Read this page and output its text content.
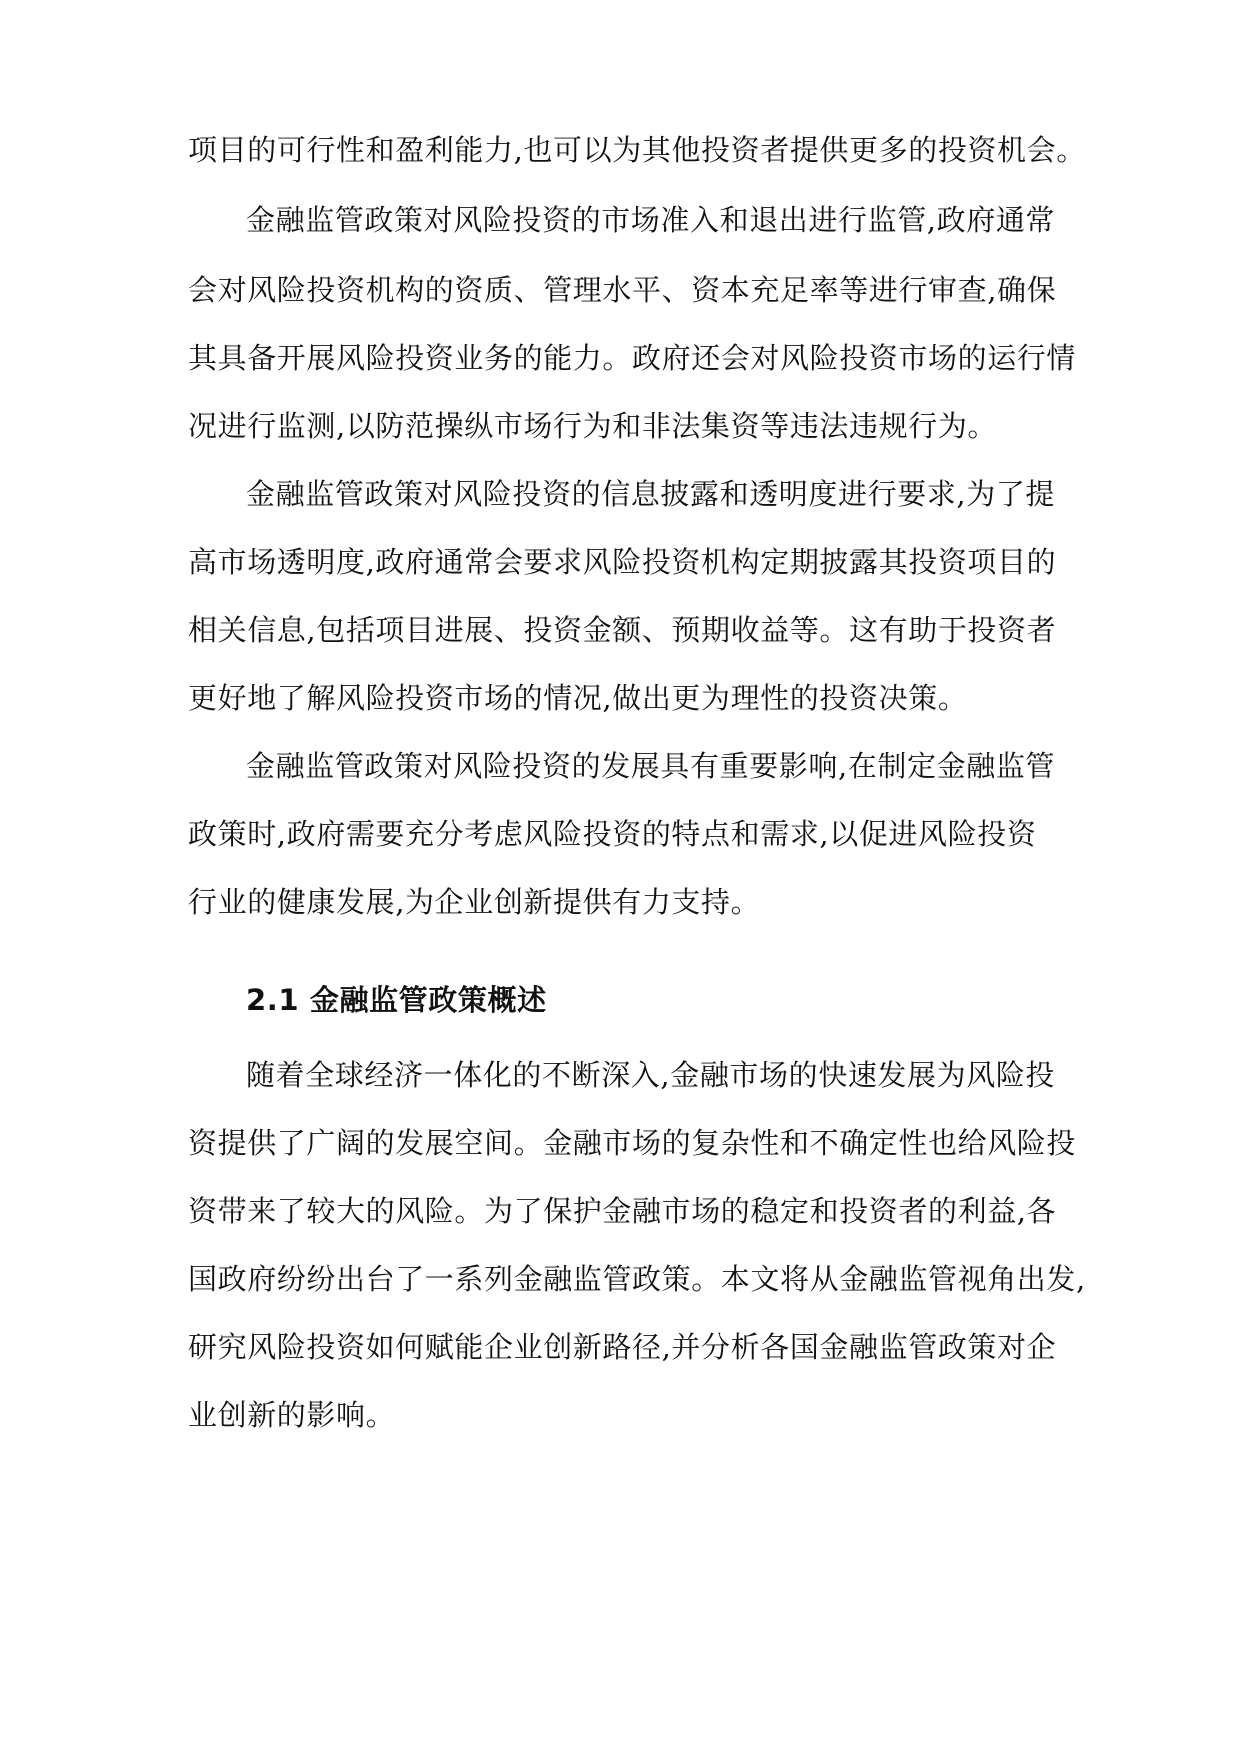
项目的可行性和盈利能力,也可以为其他投资者提供更多的投资机会。
金融监管政策对风险投资的市场准入和退出进行监管,政府通常
会对风险投资机构的资质、管理水平、资本充足率等进行审查,确保
其具备开展风险投资业务的能力。政府还会对风险投资市场的运行情
况进行监测,以防范操纵市场行为和非法集资等违法违规行为。
金融监管政策对风险投资的信息披露和透明度进行要求,为了提
高市场透明度,政府通常会要求风险投资机构定期披露其投资项目的
相关信息,包括项目进展、投资金额、预期收益等。这有助于投资者
更好地了解风险投资市场的情况,做出更为理性的投资决策。
金融监管政策对风险投资的发展具有重要影响,在制定金融监管
政策时,政府需要充分考虑风险投资的特点和需求,以促进风险投资
行业的健康发展,为企业创新提供有力支持。
2.1 金融监管政策概述
随着全球经济一体化的不断深入,金融市场的快速发展为风险投
资提供了广阔的发展空间。金融市场的复杂性和不确定性也给风险投
资带来了较大的风险。为了保护金融市场的稳定和投资者的利益,各
国政府纷纷出台了一系列金融监管政策。本文将从金融监管视角出发,
研究风险投资如何赋能企业创新路径,并分析各国金融监管政策对企
业创新的影响。
